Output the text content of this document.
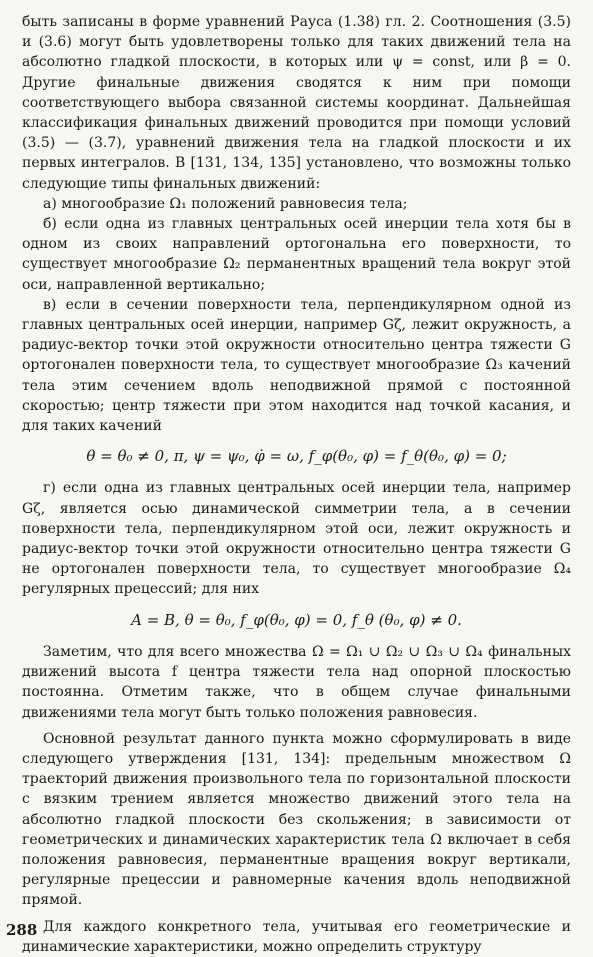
быть записаны в форме уравнений Рауса (1.38) гл. 2. Соотношения (3.5) и (3.6) могут быть удовлетворены только для таких движений тела на абсолютно гладкой плоскости, в которых или ψ = const, или β = 0. Другие финальные движения сводятся к ним при помощи соответствующего выбора связанной системы координат. Дальнейшая классификация финальных движений проводится при помощи условий (3.5) — (3.7), уравнений движения тела на гладкой плоскости и их первых интегралов. В [131, 134, 135] установлено, что возможны только следующие типы финальных движений:

а) многообразие Ω₁ положений равновесия тела;

б) если одна из главных центральных осей инерции тела хотя бы в одном из своих направлений ортогональна его поверхности, то существует многообразие Ω₂ перманентных вращений тела вокруг этой оси, направленной вертикально;

в) если в сечении поверхности тела, перпендикулярном одной из главных центральных осей инерции, например Gζ, лежит окружность, а радиус-вектор точки этой окружности относительно центра тяжести G ортогонален поверхности тела, то существует многообразие Ω₃ качений тела этим сечением вдоль неподвижной прямой с постоянной скоростью; центр тяжести при этом находится над точкой касания, и для таких качений

θ = θ₀ ≠ 0, π, ψ = ψ₀, φ̇ = ω, f_φ(θ₀, φ) = f_θ(θ₀, φ) = 0;

г) если одна из главных центральных осей инерции тела, например Gζ, является осью динамической симметрии тела, а в сечении поверхности тела, перпендикулярном этой оси, лежит окружность и радиус-вектор точки этой окружности относительно центра тяжести G не ортогонален поверхности тела, то существует многообразие Ω₄ регулярных прецессий; для них

A = B, θ = θ₀, f_φ(θ₀, φ) = 0, f_θ (θ₀, φ) ≠ 0.

Заметим, что для всего множества Ω = Ω₁ ∪ Ω₂ ∪ Ω₃ ∪ Ω₄ финальных движений высота f центра тяжести тела над опорной плоскостью постоянна. Отметим также, что в общем случае финальными движениями тела могут быть только положения равновесия.

Основной результат данного пункта можно сформулировать в виде следующего утверждения [131, 134]: предельным множеством Ω траекторий движения произвольного тела по горизонтальной плоскости с вязким трением является множество движений этого тела на абсолютно гладкой плоскости без скольжения; в зависимости от геометрических и динамических характеристик тела Ω включает в себя положения равновесия, перманентные вращения вокруг вертикали, регулярные прецессии и равномерные качения вдоль неподвижной прямой.

Для каждого конкретного тела, учитывая его геометрические и динамические характеристики, можно определить структуру

288
